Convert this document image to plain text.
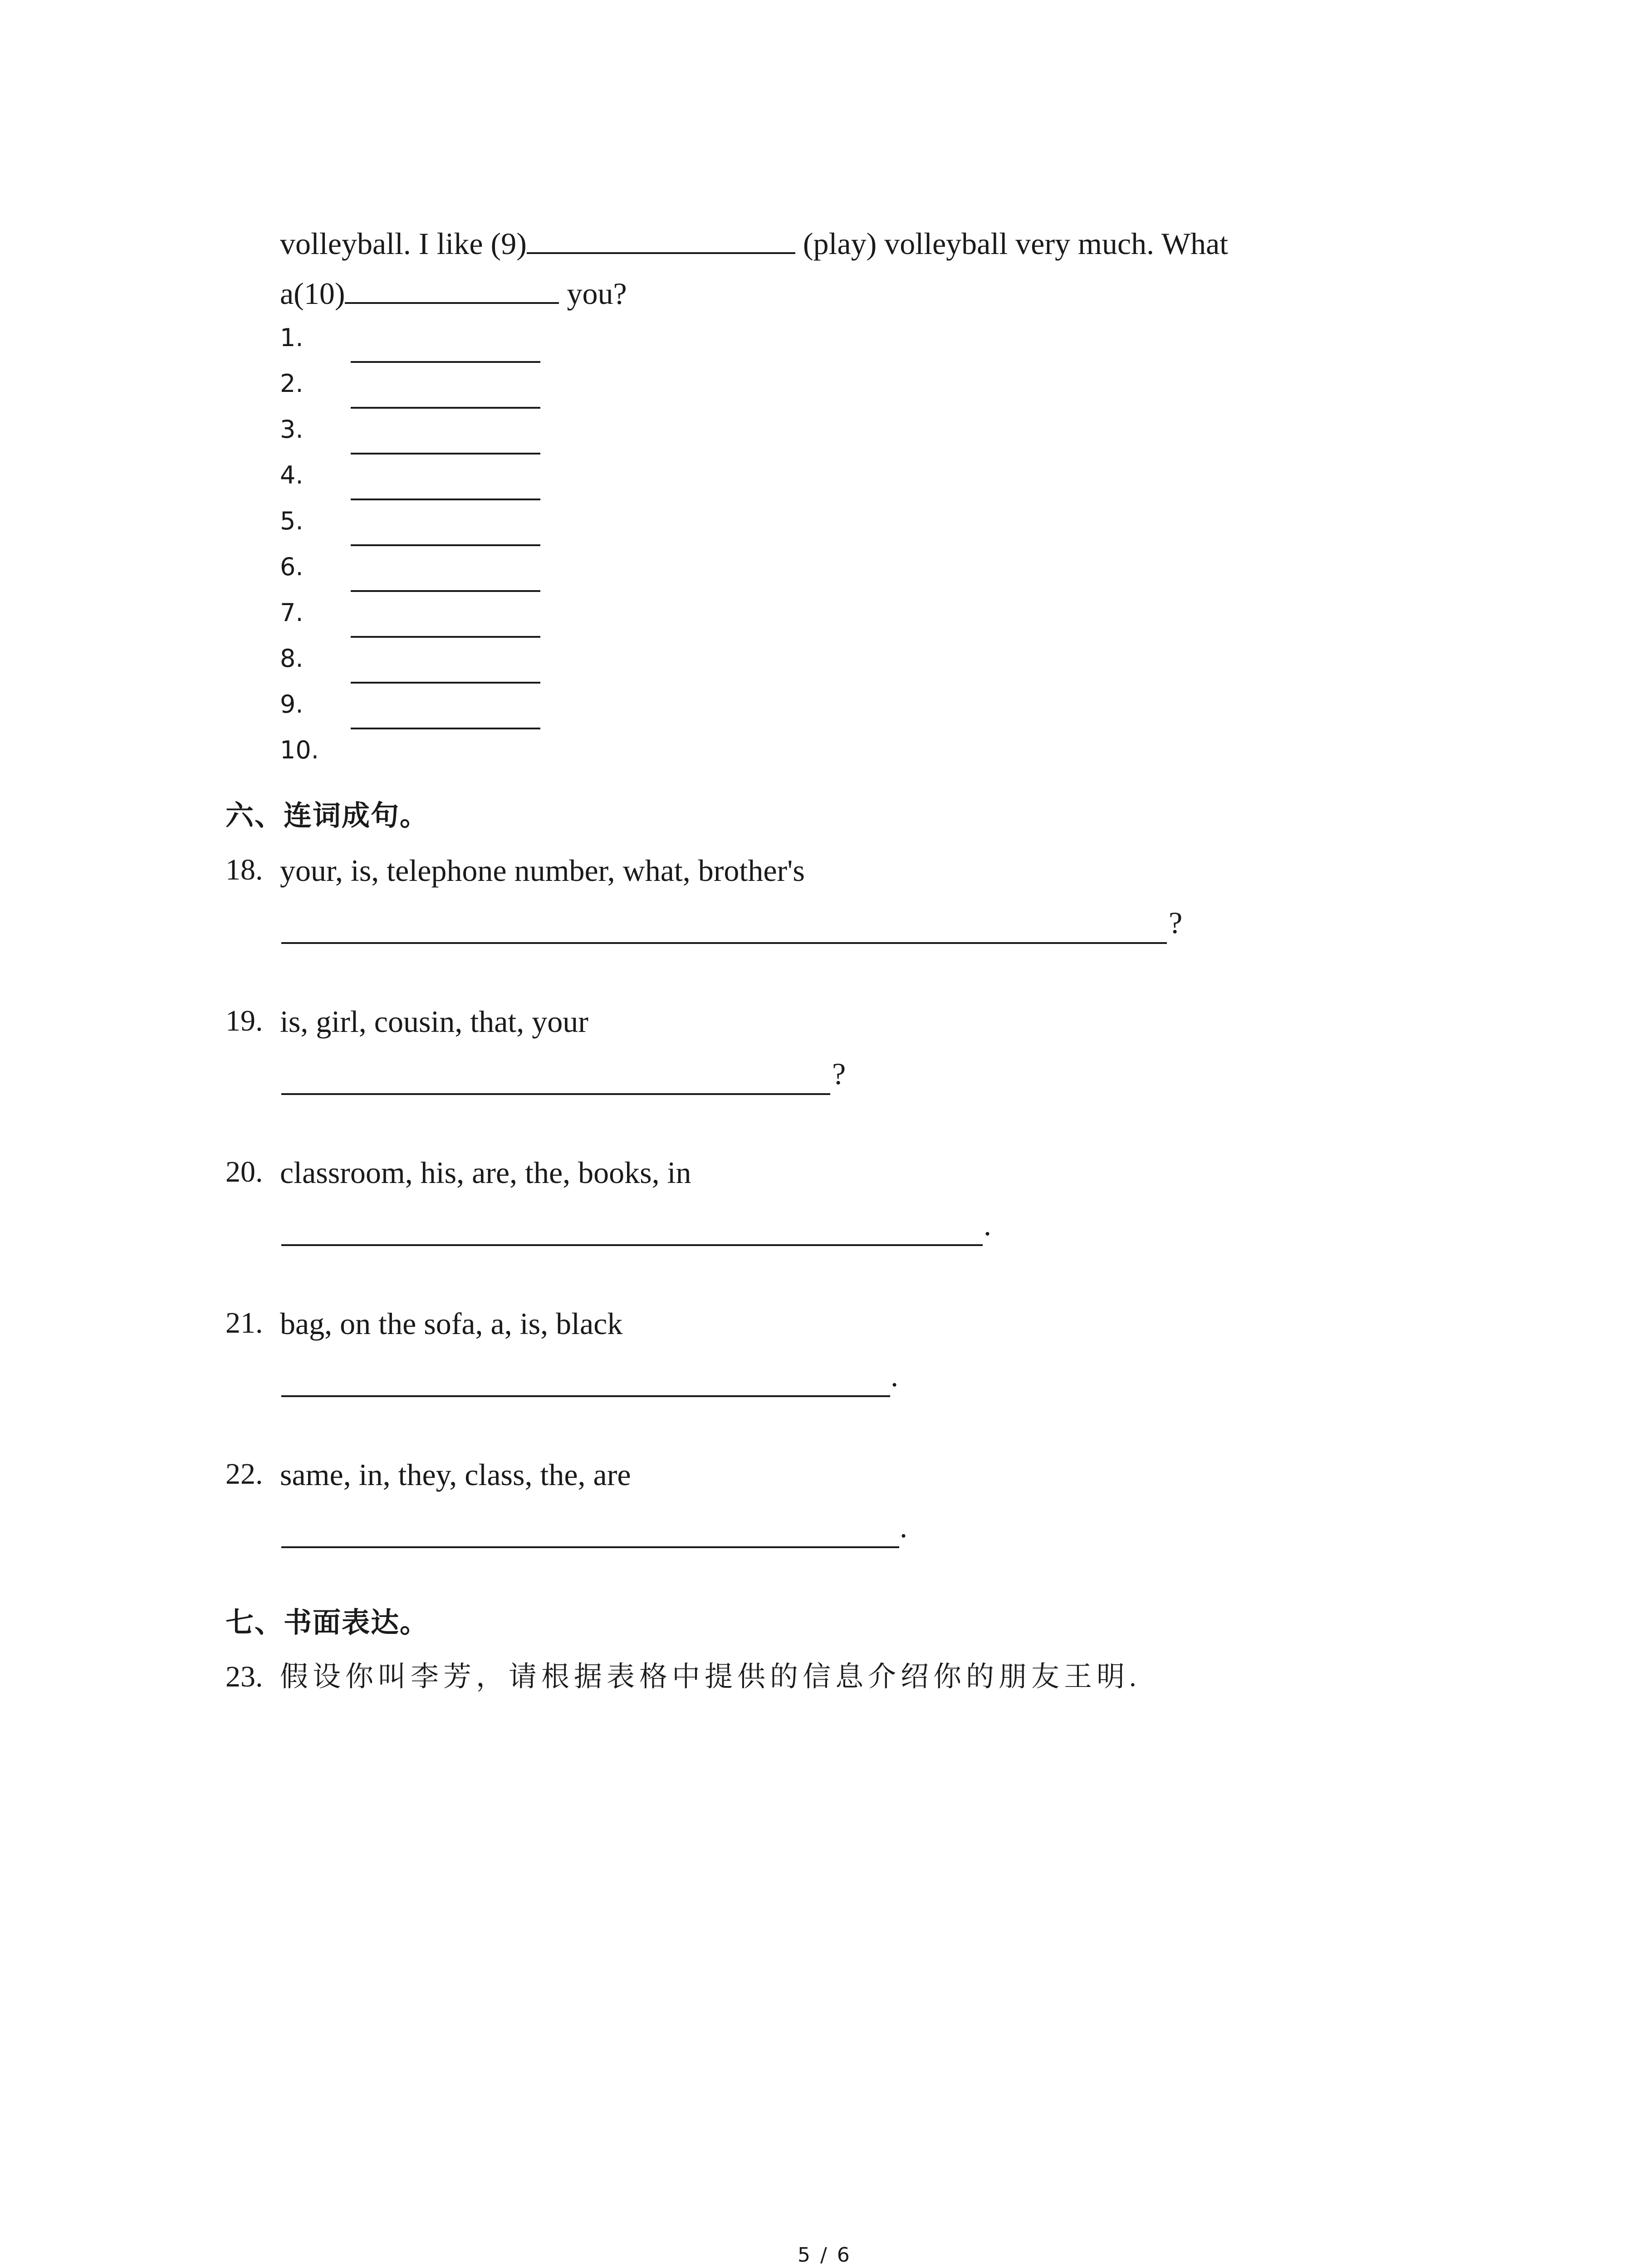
volleyball. I like (9)	(play) volleyball very much. What
a(10)	you?
1.
2.
3.
4.
5.
6.
7.
8.
9.
10.
六、连词成句。
18. your, is, telephone number, what, brother's
?
19. is, girl, cousin, that, your
?
20. classroom, his, are, the, books, in
.
21. bag, on the sofa, a, is, black
.
22. same, in, they, class, the, are
.
七、书面表达。
23. 假设你叫李芳，请根据表格中提供的信息介绍你的朋友王明.
5 / 6
